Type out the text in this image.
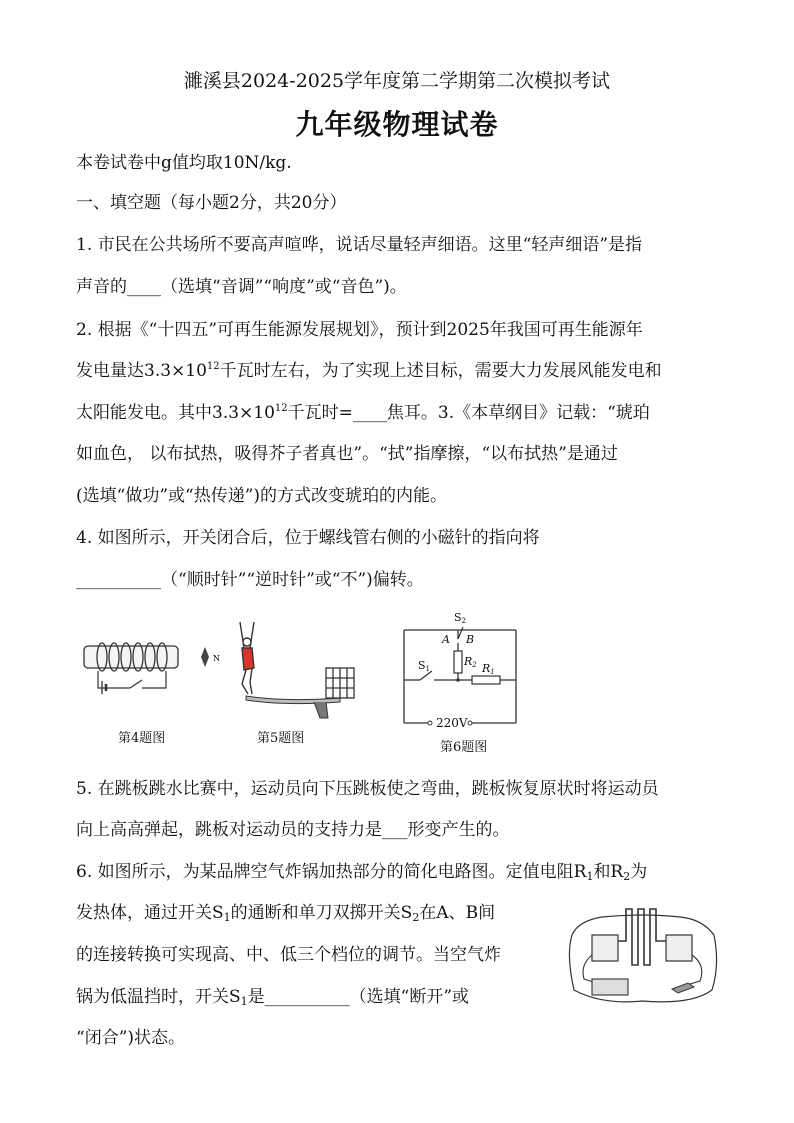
濉溪县2024-2025学年度第二学期第二次模拟考试
九年级物理试卷
本卷试卷中g值均取10N/kg.
一、填空题（每小题2分，共20分）
1. 市民在公共场所不要高声喧哗，说话尽量轻声细语。这里“轻声细语”是指
声音的____（选填“音调”“响度”或“音色”)。
2. 根据《“十四五”可再生能源发展规划》，预计到2025年我国可再生能源年
发电量达$3.3\times 10^{12}$千瓦时左右，为了实现上述目标，需要大力发展风能发电和
太阳能发电。其中$3.3\times 10^{12}$千瓦时=____焦耳。3.《本草纲目》记载：“琥珀
如血色， 以布拭热，吸得芥子者真也”。“拭”指摩擦，“以布拭热”是通过
(选填“做功”或“热传递”)的方式改变琥珀的内能。
4. 如图所示，开关闭合后，位于螺线管右侧的小磁针的指向将
__________（“顺时针”“逆时针”或“不”)偏转。
N
第4题图	第5题图
S2
A B
S1
R2 R1
220V
第6题图
5. 在跳板跳水比赛中，运动员向下压跳板使之弯曲，跳板恢复原状时将运动员
向上高高弹起，跳板对运动员的支持力是___形变产生的。
6. 如图所示，为某品牌空气炸锅加热部分的简化电路图。定值电阻$R_1$和$R_2$为
发热体，通过开关$S_1$的通断和单刀双掷开关$S_2$在A、B间
的连接转换可实现高、中、低三个档位的调节。当空气炸
锅为低温挡时，开关$S_1$是__________（选填“断开”或
“闭合”)状态。
